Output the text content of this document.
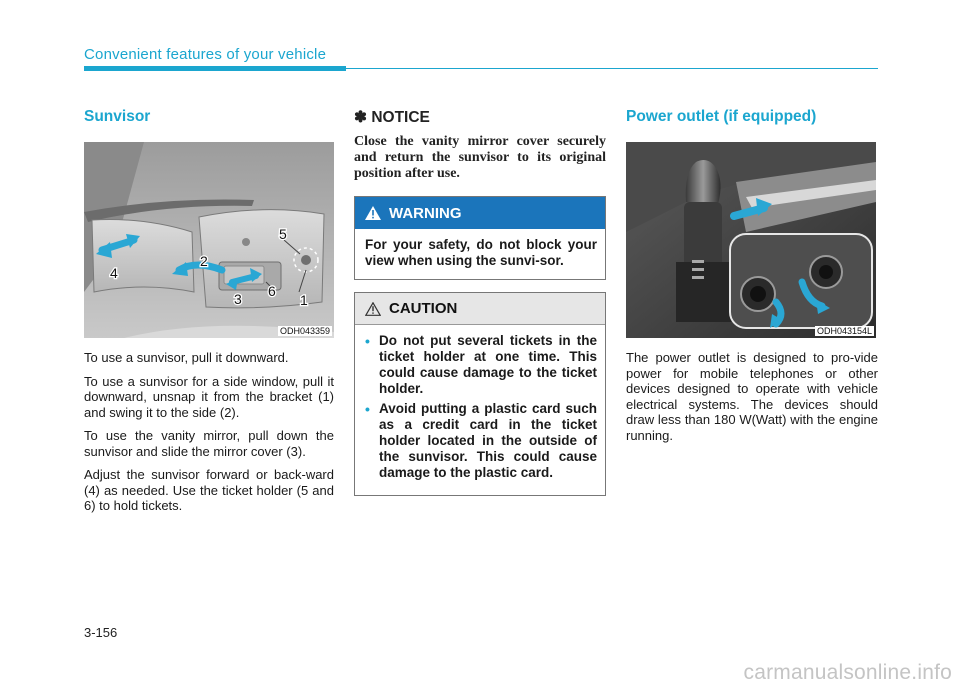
Convenient features of your vehicle
Sunvisor
1
2
3
4
5
6
ODH043359

To use a sunvisor, pull it downward.

To use a sunvisor for a side window, pull it downward, unsnap it from the bracket (1) and swing it to the side (2).

To use the vanity mirror, pull down the sunvisor and slide the mirror cover (3).

Adjust the sunvisor forward or back-ward (4) as needed. Use the ticket holder (5 and 6) to hold tickets.

✽ NOTICE

Close the vanity mirror cover securely and return the sunvisor to its original position after use.

WARNING
For your safety, do not block your view when using the sunvi-sor.
CAUTION
• Do not put several tickets in the ticket holder at one time. This could cause damage to the ticket holder.
• Avoid putting a plastic card such as a credit card in the ticket holder located in the outside of the sunvisor. This could cause damage to the plastic card.
Power outlet (if equipped)
ODH043154L

The power outlet is designed to pro-vide power for mobile telephones or other devices designed to operate with vehicle electrical systems. The devices should draw less than 180 W(Watt) with the engine running.

3-156
carmanualsonline.info
